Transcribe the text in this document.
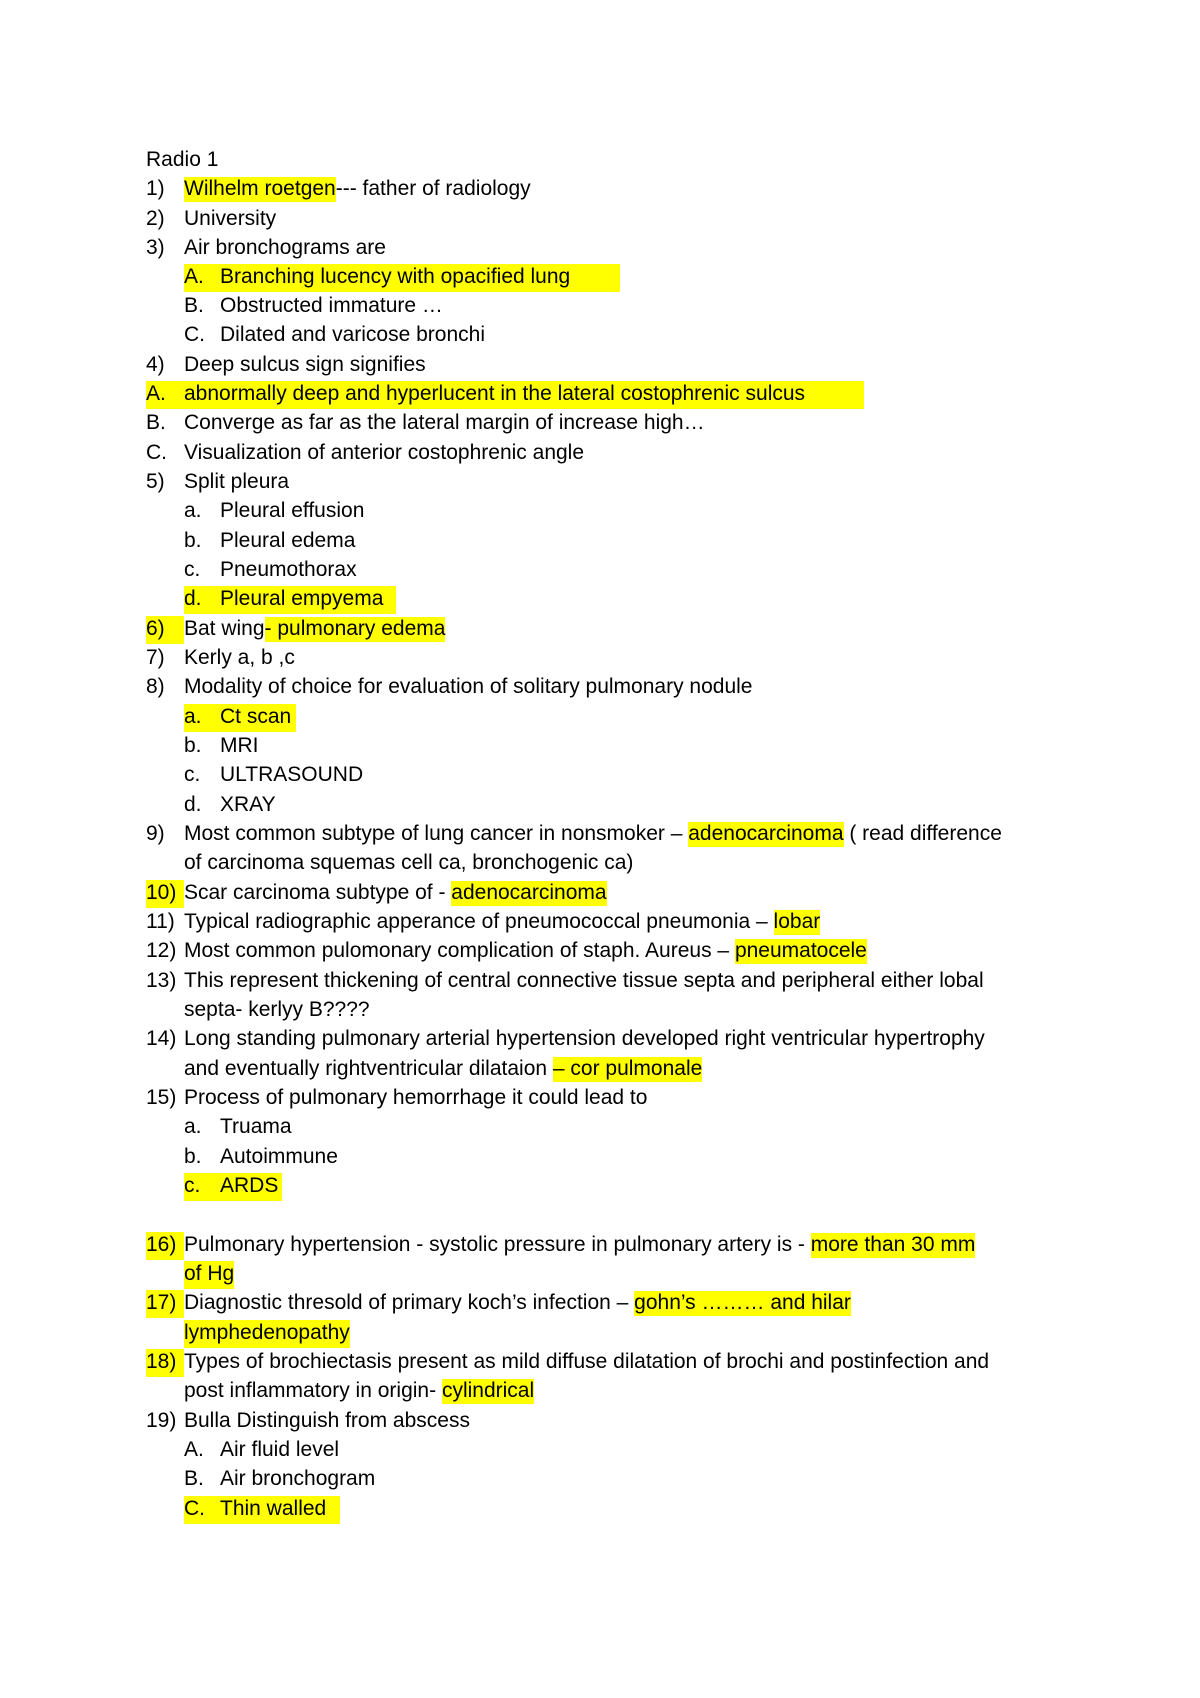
Radio 1
1) Wilhelm roetgen--- father of radiology
2) University
3) Air bronchograms are
A. Branching lucency with opacified lung
B. Obstructed immature …
C. Dilated and varicose bronchi
4) Deep sulcus sign signifies
A. abnormally deep and hyperlucent in the lateral costophrenic sulcus
B. Converge as far as the lateral margin of increase high…
C. Visualization of anterior costophrenic angle
5) Split pleura
a. Pleural effusion
b. Pleural edema
c. Pneumothorax
d. Pleural empyema
6) Bat wing- pulmonary edema
7) Kerly a, b ,c
8) Modality of choice for evaluation of solitary pulmonary nodule
a. Ct scan
b. MRI
c. ULTRASOUND
d. XRAY
9) Most common subtype of lung cancer in nonsmoker – adenocarcinoma ( read difference
of carcinoma squemas cell ca, bronchogenic ca)
10) Scar carcinoma subtype of - adenocarcinoma
11) Typical radiographic apperance of pneumococcal pneumonia – lobar
12) Most common pulomonary complication of staph. Aureus – pneumatocele
13) This represent thickening of central connective tissue septa and peripheral either lobal
septa- kerlyy B????
14) Long standing pulmonary arterial hypertension developed right ventricular hypertrophy
and eventually rightventricular dilataion – cor pulmonale
15) Process of pulmonary hemorrhage it could lead to
a. Truama
b. Autoimmune
c. ARDS
16) Pulmonary hypertension - systolic pressure in pulmonary artery is - more than 30 mm
of Hg
17) Diagnostic thresold of primary koch’s infection – gohn’s ……… and hilar
lymphedenopathy
18) Types of brochiectasis present as mild diffuse dilatation of brochi and postinfection and
post inflammatory in origin- cylindrical
19) Bulla Distinguish from abscess
A. Air fluid level
B. Air bronchogram
C. Thin walled
